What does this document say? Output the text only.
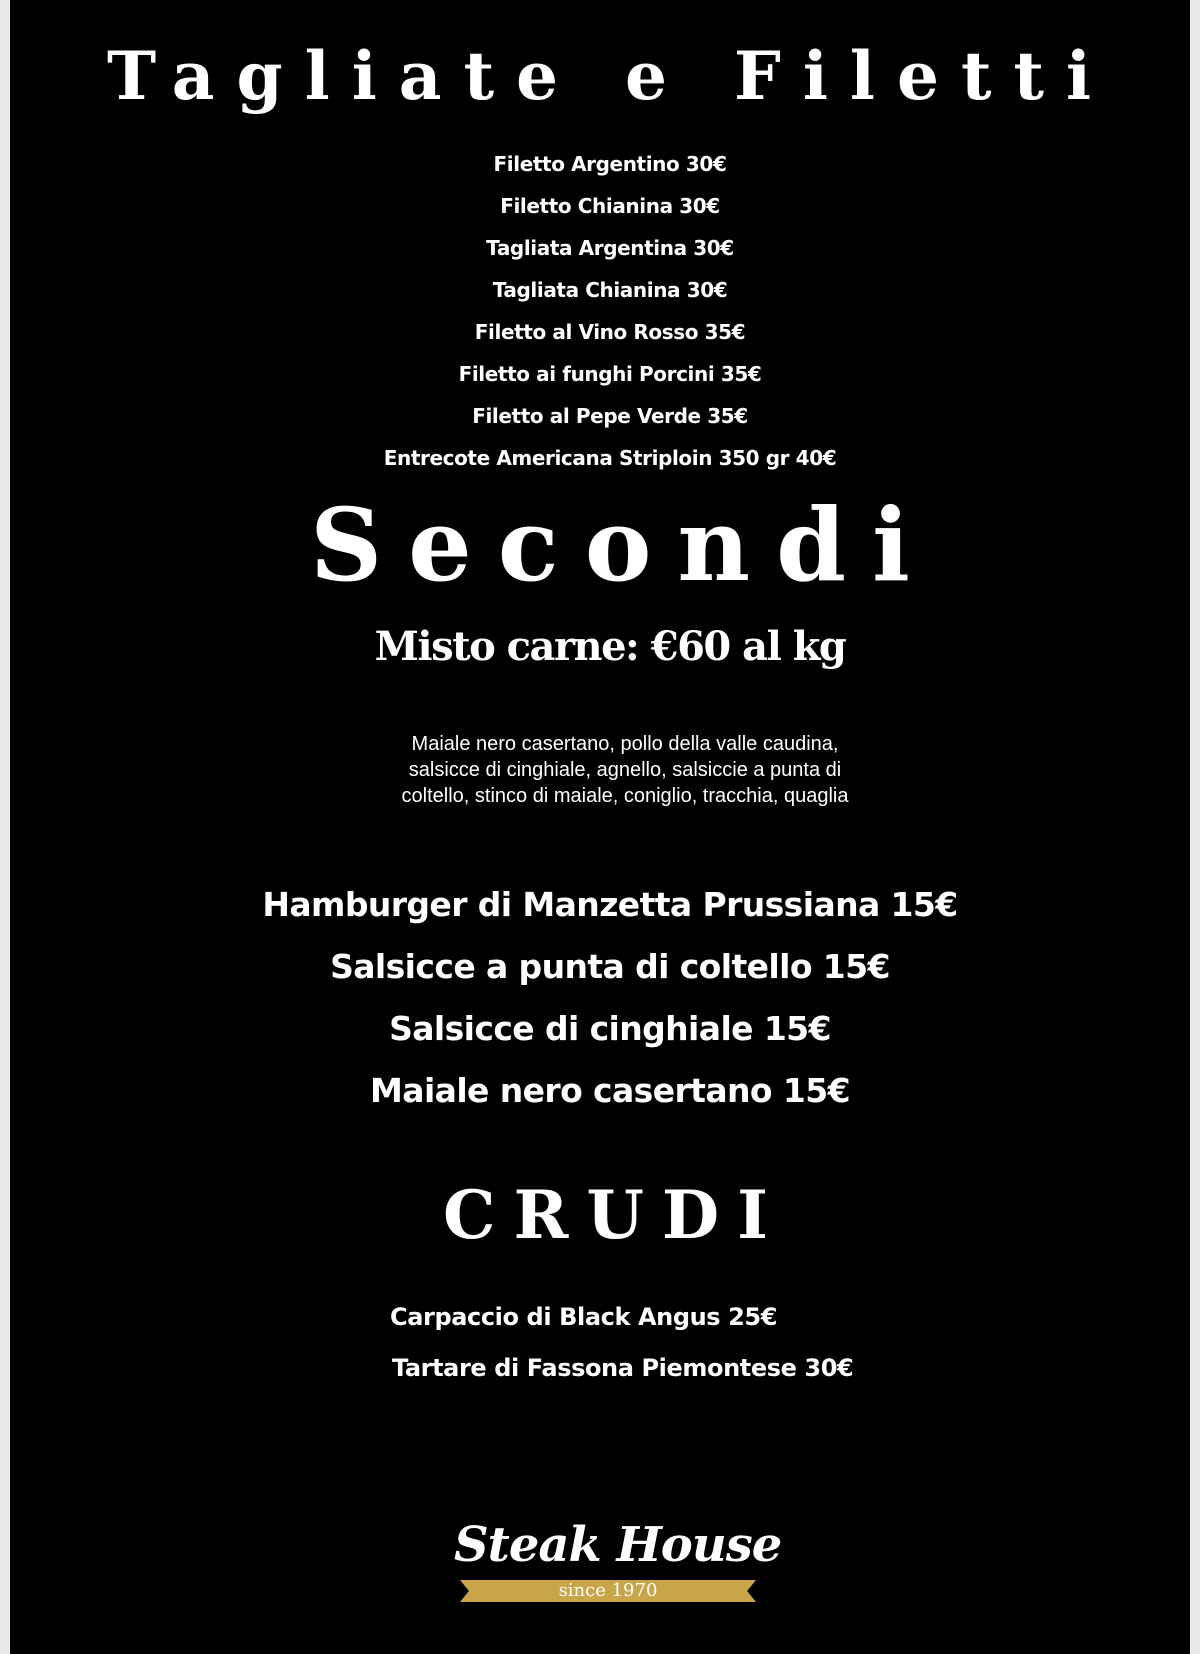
Tagliate e Filetti
Filetto Argentino 30€
Filetto Chianina 30€
Tagliata Argentina 30€
Tagliata Chianina 30€
Filetto al Vino Rosso 35€
Filetto ai funghi Porcini 35€
Filetto al Pepe Verde 35€
Entrecote Americana Striploin 350 gr 40€
Secondi
Misto carne: €60 al kg

Maiale nero casertano, pollo della valle caudina, salsicce di cinghiale, agnello, salsiccie a punta di coltello, stinco di maiale, coniglio, tracchia, quaglia

Hamburger di Manzetta Prussiana 15€
Salsicce a punta di coltello 15€
Salsicce di cinghiale 15€
Maiale nero casertano 15€
CRUDI
Carpaccio di Black Angus 25€
Tartare di Fassona Piemontese 30€
Steak House
since 1970
